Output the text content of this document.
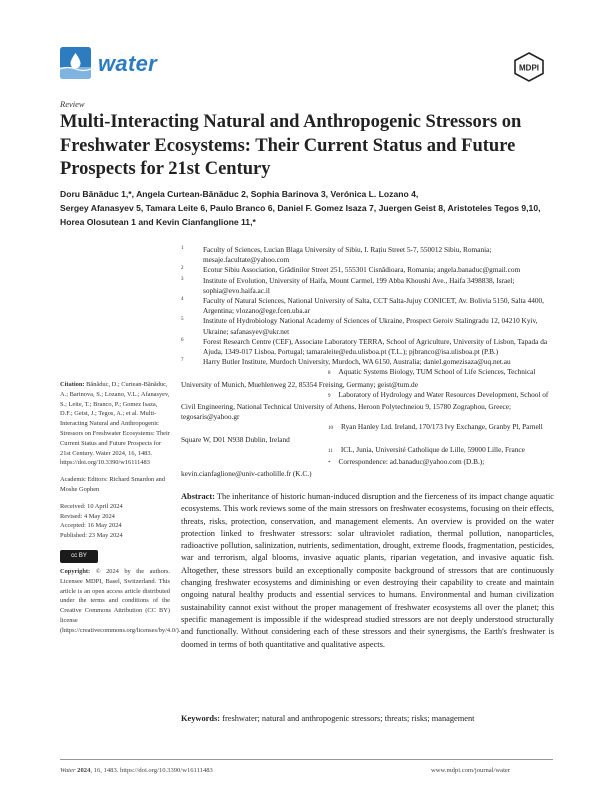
water	MDPI
Review
Multi-Interacting Natural and Anthropogenic Stressors on Freshwater Ecosystems: Their Current Status and Future Prospects for 21st Century
Doru Bănăduc 1,*, Angela Curtean-Bănăduc 2, Sophia Barinova 3, Verónica L. Lozano 4,
Sergey Afanasyev 5, Tamara Leite 6, Paulo Branco 6, Daniel F. Gomez Isaza 7, Juergen Geist 8, Aristoteles Tegos 9,10,
Horea Olosutean 1 and Kevin Cianfanglione 11,*
1	Faculty of Sciences, Lucian Blaga University of Sibiu, I. Rațiu Street 5-7, 550012 Sibiu, Romania; mesaje.facultate@yahoo.com
2	Ecotur Sibiu Association, Grădinilor Street 251, 555301 Cisnădioara, Romania; angela.banaduc@gmail.com
3	Institute of Evolution, University of Haifa, Mount Carmel, 199 Abba Khoushi Ave., Haifa 3498838, Israel; sophia@evo.haifa.ac.il
4	Faculty of Natural Sciences, National University of Salta, CCT Salta-Jujuy CONICET, Av. Bolivia 5150, Salta 4400, Argentina; vlozano@ege.fcen.uba.ar
5	Institute of Hydrobiology National Academy of Sciences of Ukraine, Prospect Geroiv Stalingradu 12, 04210 Kyiv, Ukraine; safanasyev@ukr.net
6	Forest Research Centre (CEF), Associate Laboratory TERRA, School of Agriculture, University of Lisbon, Tapada da Ajuda, 1349-017 Lisboa, Portugal; tamaraleite@edu.ulisboa.pt (T.L.); pjbranco@isa.ulisboa.pt (P.B.)
7	Harry Butler Institute, Murdoch University, Murdoch, WA 6150, Australia; daniel.gomezisaza@uq.net.au
8 Aquatic Systems Biology, TUM School of Life Sciences, Technical University of Munich, Muehlenweg 22, 85354 Freising, Germany; geist@tum.de
9 Laboratory of Hydrology and Water Resources Development, School of Civil Engineering, National Technical University of Athens, Heroon Polytechneiou 9, 15780 Zographou, Greece; tegosaris@yahoo.gr
10 Ryan Hanley Ltd. Ireland, 170/173 Ivy Exchange, Granby Pl, Parnell Square W, D01 N938 Dublin, Ireland
11 ICL, Junia, Université Catholique de Lille, 59000 Lille, France
* Correspondence: ad.banaduc@yahoo.com (D.B.); kevin.cianfaglione@univ-catholille.fr (K.C.)

Citation: Bănăduc, D.; Curtean-Bănăduc, A.; Barinova, S.; Lozano, V.L.; Afanasyev, S.; Leite, T.; Branco, P.; Gomez Isaza, D.F.; Geist, J.; Tegos, A.; et al. Multi-Interacting Natural and Anthropogenic Stressors on Freshwater Ecosystems: Their Current Status and Future Prospects for 21st Century. Water 2024, 16, 1483. https://doi.org/10.3390/w16111483

Academic Editors: Richard Smardon and Moshe Gophen

Received: 10 April 2024

Revised: 4 May 2024

Accepted: 16 May 2024

Published: 23 May 2024

cc BY

Copyright: © 2024 by the authors. Licensee MDPI, Basel, Switzerland. This article is an open access article distributed under the terms and conditions of the Creative Commons Attribution (CC BY) license (https://creativecommons.org/licenses/by/4.0/).

Abstract: The inheritance of historic human-induced disruption and the fierceness of its impact change aquatic ecosystems. This work reviews some of the main stressors on freshwater ecosystems, focusing on their effects, threats, risks, protection, conservation, and management elements. An overview is provided on the water protection linked to freshwater stressors: solar ultraviolet radiation, thermal pollution, nanoparticles, radioactive pollution, salinization, nutrients, sedimentation, drought, extreme floods, fragmentation, pesticides, war and terrorism, algal blooms, invasive aquatic plants, riparian vegetation, and invasive aquatic fish. Altogether, these stressors build an exceptionally composite background of stressors that are continuously changing freshwater ecosystems and diminishing or even destroying their capability to create and maintain ongoing natural healthy products and essential services to humans. Environmental and human civilization sustainability cannot exist without the proper management of freshwater ecosystems all over the planet; this specific management is impossible if the widespread studied stressors are not deeply understood structurally and functionally. Without considering each of these stressors and their synergisms, the Earth's freshwater is doomed in terms of both quantitative and qualitative aspects.

Keywords: freshwater; natural and anthropogenic stressors; threats; risks; management

Water 2024, 16, 1483. https://doi.org/10.3390/w16111483	www.mdpi.com/journal/water
